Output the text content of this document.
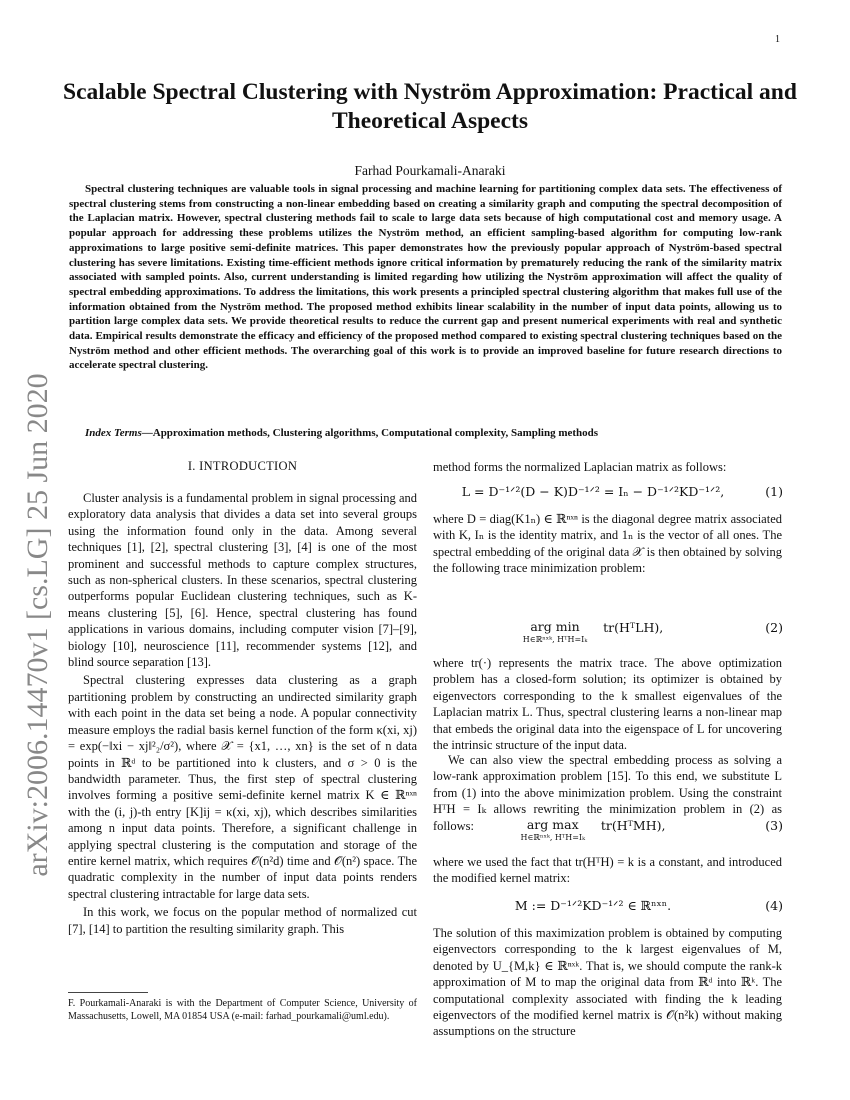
1
arXiv:2006.14470v1 [cs.LG] 25 Jun 2020
Scalable Spectral Clustering with Nyström Approximation: Practical and Theoretical Aspects
Farhad Pourkamali-Anaraki

Spectral clustering techniques are valuable tools in signal processing and machine learning for partitioning complex data sets. The effectiveness of spectral clustering stems from constructing a non-linear embedding based on creating a similarity graph and computing the spectral decomposition of the Laplacian matrix. However, spectral clustering methods fail to scale to large data sets because of high computational cost and memory usage. A popular approach for addressing these problems utilizes the Nyström method, an efficient sampling-based algorithm for computing low-rank approximations to large positive semi-definite matrices. This paper demonstrates how the previously popular approach of Nyström-based spectral clustering has severe limitations. Existing time-efficient methods ignore critical information by prematurely reducing the rank of the similarity matrix associated with sampled points. Also, current understanding is limited regarding how utilizing the Nyström approximation will affect the quality of spectral embedding approximations. To address the limitations, this work presents a principled spectral clustering algorithm that makes full use of the information obtained from the Nyström method. The proposed method exhibits linear scalability in the number of input data points, allowing us to partition large complex data sets. We provide theoretical results to reduce the current gap and present numerical experiments with real and synthetic data. Empirical results demonstrate the efficacy and efficiency of the proposed method compared to existing spectral clustering techniques based on the Nyström method and other efficient methods. The overarching goal of this work is to provide an improved baseline for future research directions to accelerate spectral clustering.

Index Terms—Approximation methods, Clustering algorithms, Computational complexity, Sampling methods

I. INTRODUCTION

Cluster analysis is a fundamental problem in signal processing and exploratory data analysis that divides a data set into several groups using the information found only in the data. Among several techniques [1], [2], spectral clustering [3], [4] is one of the most prominent and successful methods to capture complex structures, such as non-spherical clusters. In these scenarios, spectral clustering outperforms popular Euclidean clustering techniques, such as K-means clustering [5], [6]. Hence, spectral clustering has found applications in various domains, including computer vision [7]–[9], biology [10], neuroscience [11], recommender systems [12], and blind source separation [13].

Spectral clustering expresses data clustering as a graph partitioning problem by constructing an undirected similarity graph with each point in the data set being a node. A popular connectivity measure employs the radial basis kernel function of the form κ(xi, xj) = exp(−‖xi − xj‖²₂/σ²), where 𝒳 = {x1, …, xn} is the set of n data points in ℝᵈ to be partitioned into k clusters, and σ > 0 is the bandwidth parameter. Thus, the first step of spectral clustering involves forming a positive semi-definite kernel matrix K ∈ ℝⁿˣⁿ with the (i, j)-th entry [K]ij = κ(xi, xj), which describes similarities among n input data points. Therefore, a significant challenge in applying spectral clustering is the computation and storage of the entire kernel matrix, which requires 𝒪(n²d) time and 𝒪(n²) space. The quadratic complexity in the number of input data points renders spectral clustering intractable for large data sets.

In this work, we focus on the popular method of normalized cut [7], [14] to partition the resulting similarity graph. This

F. Pourkamali-Anaraki is with the Department of Computer Science, University of Massachusetts, Lowell, MA 01854 USA (e-mail: farhad_pourkamali@uml.edu).

method forms the normalized Laplacian matrix as follows:

L = D⁻¹ᐟ²(D − K)D⁻¹ᐟ² = Iₙ − D⁻¹ᐟ²KD⁻¹ᐟ²,	(1)

where D = diag(K1ₙ) ∈ ℝⁿˣⁿ is the diagonal degree matrix associated with K, Iₙ is the identity matrix, and 1ₙ is the vector of all ones. The spectral embedding of the original data 𝒳 is then obtained by solving the following trace minimization problem:

arg min
H∈ℝⁿˣᵏ, HᵀH=Iₖ
tr(HᵀLH),	(2)

where tr(·) represents the matrix trace. The above optimization problem has a closed-form solution; its optimizer is obtained by eigenvectors corresponding to the k smallest eigenvalues of the Laplacian matrix L. Thus, spectral clustering learns a non-linear map that embeds the original data into the eigenspace of L for uncovering the intrinsic structure of the input data.

We can also view the spectral embedding process as solving a low-rank approximation problem [15]. To this end, we substitute L from (1) into the above minimization problem. Using the constraint HᵀH = Iₖ allows rewriting the minimization problem in (2) as follows:	arg max
H∈ℝⁿˣᵏ, HᵀH=Iₖ
tr(HᵀMH),	(3)

where we used the fact that tr(HᵀH) = k is a constant, and introduced the modified kernel matrix:

M := D⁻¹ᐟ²KD⁻¹ᐟ² ∈ ℝⁿˣⁿ.	(4)

The solution of this maximization problem is obtained by computing eigenvectors corresponding to the k largest eigenvalues of M, denoted by U_{M,k} ∈ ℝⁿˣᵏ. That is, we should compute the rank-k approximation of M to map the original data from ℝᵈ into ℝᵏ. The computational complexity associated with finding the k leading eigenvectors of the modified kernel matrix is 𝒪(n²k) without making assumptions on the structure
